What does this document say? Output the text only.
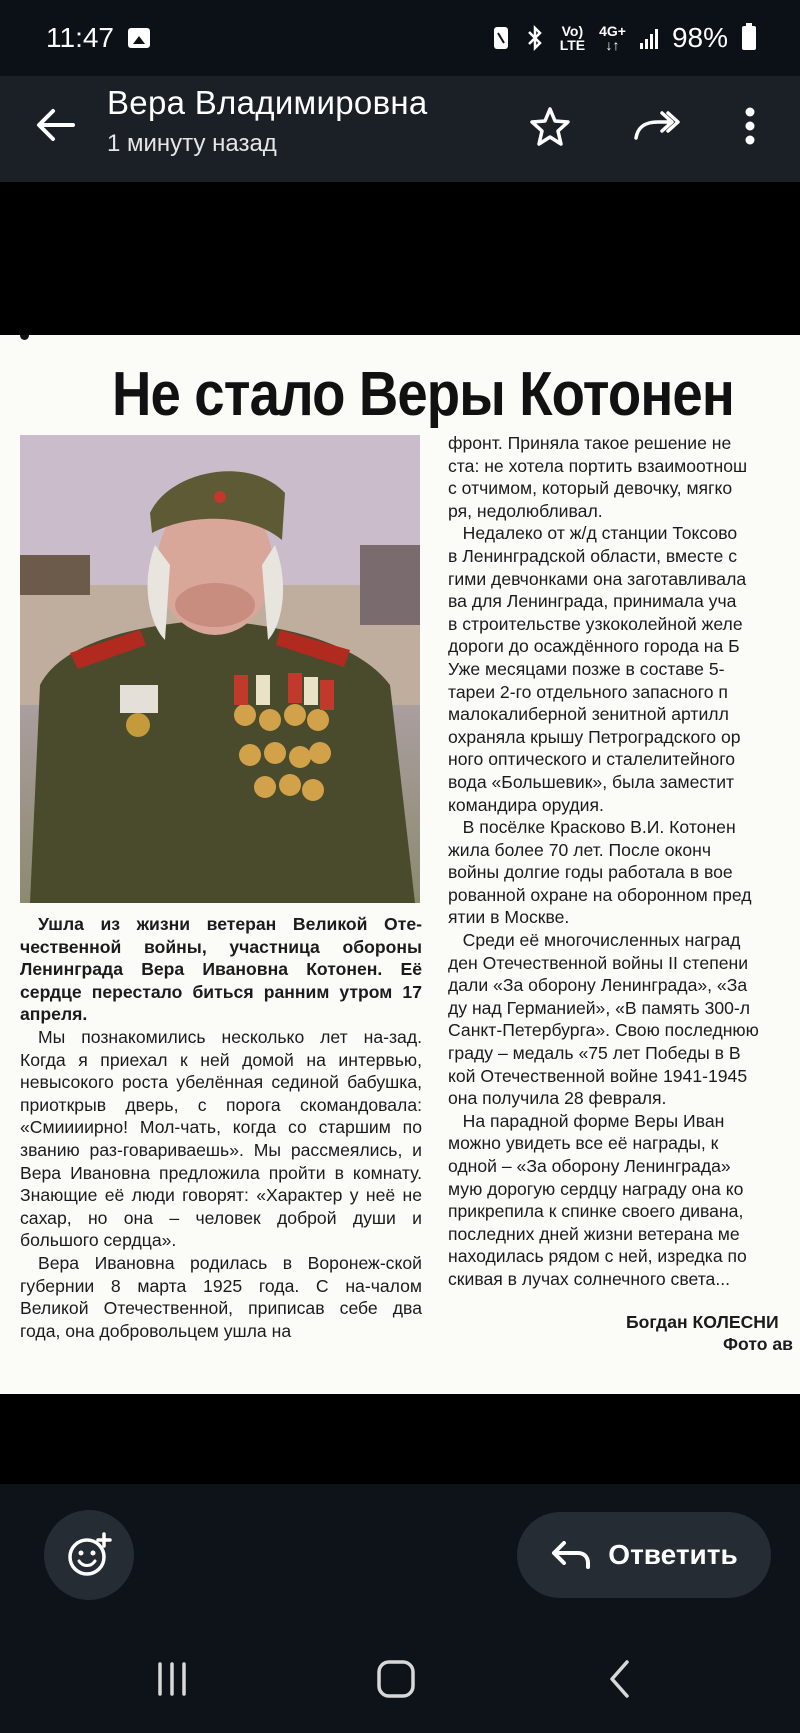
11:47	Vo)
LTE
4G+
↓↑ 98%
Вера Владимировна
1 минуту назад
Не стало Веры Котонен

Ушла из жизни ветеран Великой Оте-чественной войны, участница обороны Ленинграда Вера Ивановна Котонен. Её сердце перестало биться ранним утром 17 апреля.

Мы познакомились несколько лет на-зад. Когда я приехал к ней домой на интервью, невысокого роста убелённая сединой бабушка, приоткрыв дверь, с порога скомандовала: «Смиииирно! Мол-чать, когда со старшим по званию раз-говариваешь». Мы рассмеялись, и Вера Ивановна предложила пройти в комнату. Знающие её люди говорят: «Характер у неё не сахар, но она – человек доброй души и большого сердца».

Вера Ивановна родилась в Воронеж-ской губернии 8 марта 1925 года. С на-чалом Великой Отечественной, приписав себе два года, она добровольцем ушла на

фронт. Приняла такое решение не

ста: не хотела портить взаимоотнош

с отчимом, который девочку, мягко

ря, недолюбливал.

Недалеко от ж/д станции Токсово

в Ленинградской области, вместе с

гими девчонками она заготавливала

ва для Ленинграда, принимала уча

в строительстве узкоколейной желе

дороги до осаждённого города на Б

Уже месяцами позже в составе 5-

тареи 2-го отдельного запасного п

малокалиберной зенитной артилл

охраняла крышу Петроградского ор

ного оптического и сталелитейного

вода «Большевик», была заместит

командира орудия.

В посёлке Красково В.И. Котонен

жила более 70 лет. После оконч

войны долгие годы работала в вое

рованной охране на оборонном пред

ятии в Москве.

Среди её многочисленных наград

ден Отечественной войны II степени

дали «За оборону Ленинграда», «За

ду над Германией», «В память 300-л

Санкт-Петербурга». Свою последнюю

граду – медаль «75 лет Победы в В

кой Отечественной войне 1941-1945

она получила 28 февраля.

На парадной форме Веры Иван

можно увидеть все её награды, к

одной – «За оборону Ленинграда»

мую дорогую сердцу награду она ко

прикрепила к спинке своего дивана,

последних дней жизни ветерана ме

находилась рядом с ней, изредка по

скивая в лучах солнечного света...

Богдан КОЛЕСНИ

Фото ав

Ответить
